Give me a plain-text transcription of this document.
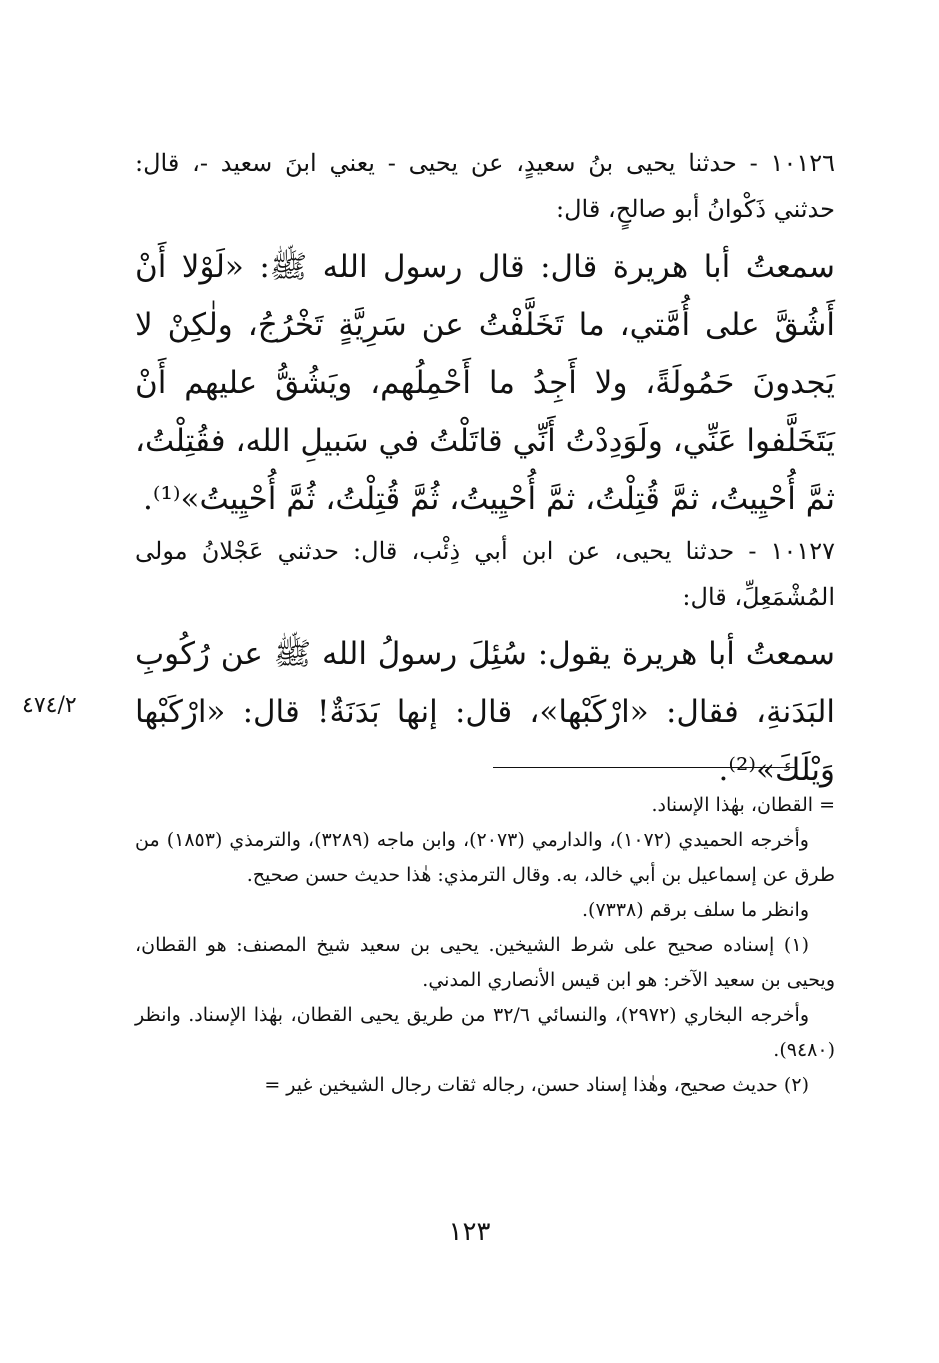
١٠١٢٦ - حدثنا يحيى بنُ سعيدٍ، عن يحيى - يعني ابنَ سعيد -، قال: حدثني ذَكْوانُ أبو صالحٍ، قال:

سمعتُ أبا هريرة قال: قال رسول الله ﷺ: «لَوْلا أَنْ أَشُقَّ على أُمَّتي، ما تَخَلَّفْتُ عن سَرِيَّةٍ تَخْرُجُ، ولٰكِنْ لا يَجدونَ حَمُولَةً، ولا أَجِدُ ما أَحْمِلُهم، ويَشُقُّ عليهم أَنْ يَتَخَلَّفوا عَنِّي، ولَوَدِدْتُ أَنِّي قاتَلْتُ في سَبيلِ الله، فقُتِلْتُ، ثمَّ أُحْيِيتُ، ثمَّ قُتِلْتُ، ثمَّ أُحْيِيتُ، ثُمَّ قُتِلْتُ، ثُمَّ أُحْيِيتُ»⁽¹⁾.

١٠١٢٧ - حدثنا يحيى، عن ابن أبي ذِئْب، قال: حدثني عَجْلانُ مولى المُشْمَعِلِّ، قال:

سمعتُ أبا هريرة يقول: سُئِلَ رسولُ الله ﷺ عن رُكُوبِ البَدَنةِ، فقال: «ارْكَبْها»، قال: إنها بَدَنَةٌ! قال: «ارْكَبْها وَيْلَكَ»⁽²⁾.

٤٧٤/٢

= القطان، بهٰذا الإسناد.

وأخرجه الحميدي (١٠٧٢)، والدارمي (٢٠٧٣)، وابن ماجه (٣٢٨٩)، والترمذي (١٨٥٣) من طرق عن إسماعيل بن أبي خالد، به. وقال الترمذي: هٰذا حديث حسن صحيح.

وانظر ما سلف برقم (٧٣٣٨).

(١) إسناده صحيح على شرط الشيخين. يحيى بن سعيد شيخ المصنف: هو القطان، ويحيى بن سعيد الآخر: هو ابن قيس الأنصاري المدني.

وأخرجه البخاري (٢٩٧٢)، والنسائي ٣٢/٦ من طريق يحيى القطان، بهٰذا الإسناد. وانظر (٩٤٨٠).

(٢) حديث صحيح، وهٰذا إسناد حسن، رجاله ثقات رجال الشيخين غير =

١٢٣
